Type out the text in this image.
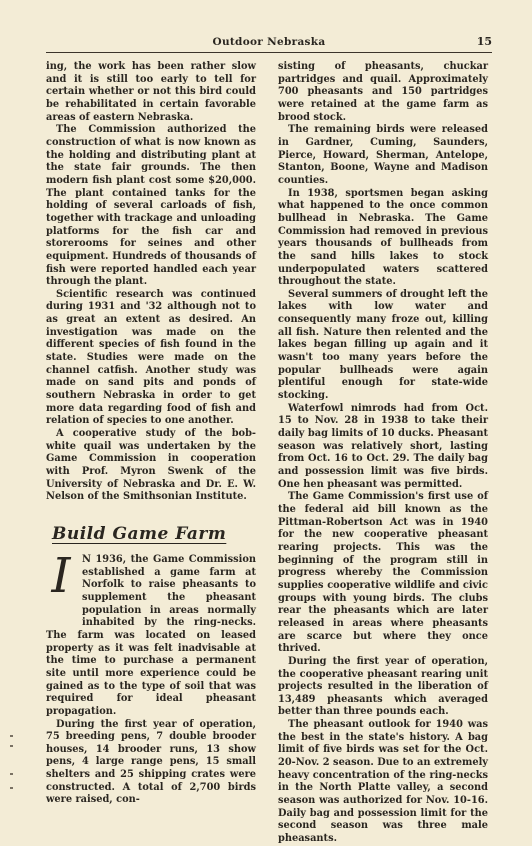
Outdoor Nebraska	15

ing, the work has been rather slow and it is still too early to tell for certain whether or not this bird could be rehabilitated in certain favorable areas of eastern Nebraska.

The Commission authorized the construction of what is now known as the holding and distributing plant at the state fair grounds. The then modern fish plant cost some $20,000. The plant contained tanks for the holding of several carloads of fish, together with trackage and unloading platforms for the fish car and storerooms for seines and other equipment. Hundreds of thousands of fish were reported handled each year through the plant.

Scientific research was continued during 1931 and '32 although not to as great an extent as desired. An investigation was made on the different species of fish found in the state. Studies were made on the channel catfish. Another study was made on sand pits and ponds of southern Nebraska in order to get more data regarding food of fish and relation of species to one another.

A cooperative study of the bob-white quail was undertaken by the Game Commission in cooperation with Prof. Myron Swenk of the University of Nebraska and Dr. E. W. Nelson of the Smithsonian Institute.

Build Game Farm

I	N 1936, the Game Commission established a game farm at Norfolk to raise pheasants to supplement the pheasant population in areas normally inhabited by the ring-necks. The farm was located on leased property as it was felt inadvisable at the time to purchase a permanent site until more experience could be gained as to the type of soil that was required for ideal pheasant propagation.

During the first year of operation, 75 breeding pens, 7 double brooder houses, 14 brooder runs, 13 show pens, 4 large range pens, 15 small shelters and 25 shipping crates were constructed. A total of 2,700 birds were raised, con-

sisting of pheasants, chuckar partridges and quail. Approximately 700 pheasants and 150 partridges were retained at the game farm as brood stock.

The remaining birds were released in Gardner, Cuming, Saunders, Pierce, Howard, Sherman, Antelope, Stanton, Boone, Wayne and Madison counties.

In 1938, sportsmen began asking what happened to the once common bullhead in Nebraska. The Game Commission had removed in previous years thousands of bullheads from the sand hills lakes to stock underpopulated waters scattered throughout the state.

Several summers of drought left the lakes with low water and consequently many froze out, killing all fish. Nature then relented and the lakes began filling up again and it wasn't too many years before the popular bullheads were again plentiful enough for state-wide stocking.

Waterfowl nimrods had from Oct. 15 to Nov. 28 in 1938 to take their daily bag limits of 10 ducks. Pheasant season was relatively short, lasting from Oct. 16 to Oct. 29. The daily bag and possession limit was five birds. One hen pheasant was permitted.

The Game Commission's first use of the federal aid bill known as the Pittman-Robertson Act was in 1940 for the new cooperative pheasant rearing projects. This was the beginning of the program still in progress whereby the Commission supplies cooperative wildlife and civic groups with young birds. The clubs rear the pheasants which are later released in areas where pheasants are scarce but where they once thrived.

During the first year of operation, the cooperative pheasant rearing unit projects resulted in the liberation of 13,489 pheasants which averaged better than three pounds each.

The pheasant outlook for 1940 was the best in the state's history. A bag limit of five birds was set for the Oct. 20-Nov. 2 season. Due to an extremely heavy concentration of the ring-necks in the North Platte valley, a second season was authorized for Nov. 10-16. Daily bag and possession limit for the second season was three male pheasants.
